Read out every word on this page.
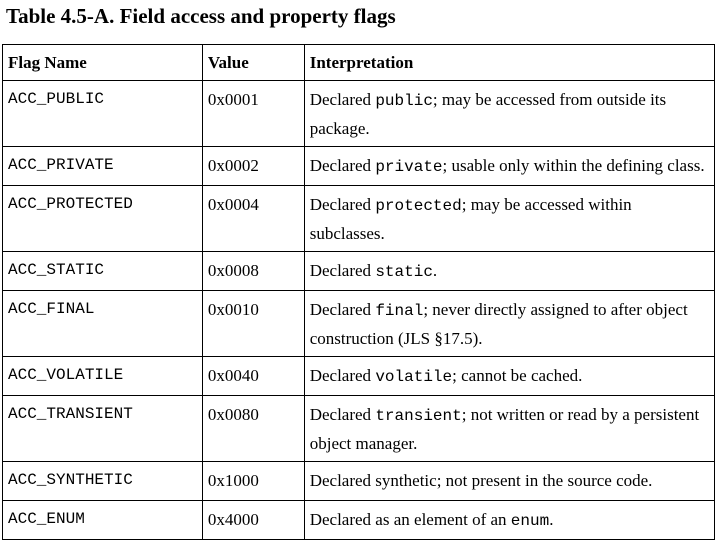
Table 4.5-A. Field access and property flags
Flag Name	Value	Interpretation
ACC_PUBLIC	0x0001	Declared public; may be accessed from outside its package.
ACC_PRIVATE	0x0002	Declared private; usable only within the defining class.
ACC_PROTECTED	0x0004	Declared protected; may be accessed within subclasses.
ACC_STATIC	0x0008	Declared static.
ACC_FINAL	0x0010	Declared final; never directly assigned to after object construction (JLS §17.5).
ACC_VOLATILE	0x0040	Declared volatile; cannot be cached.
ACC_TRANSIENT	0x0080	Declared transient; not written or read by a persistent object manager.
ACC_SYNTHETIC	0x1000	Declared synthetic; not present in the source code.
ACC_ENUM	0x4000	Declared as an element of an enum.
